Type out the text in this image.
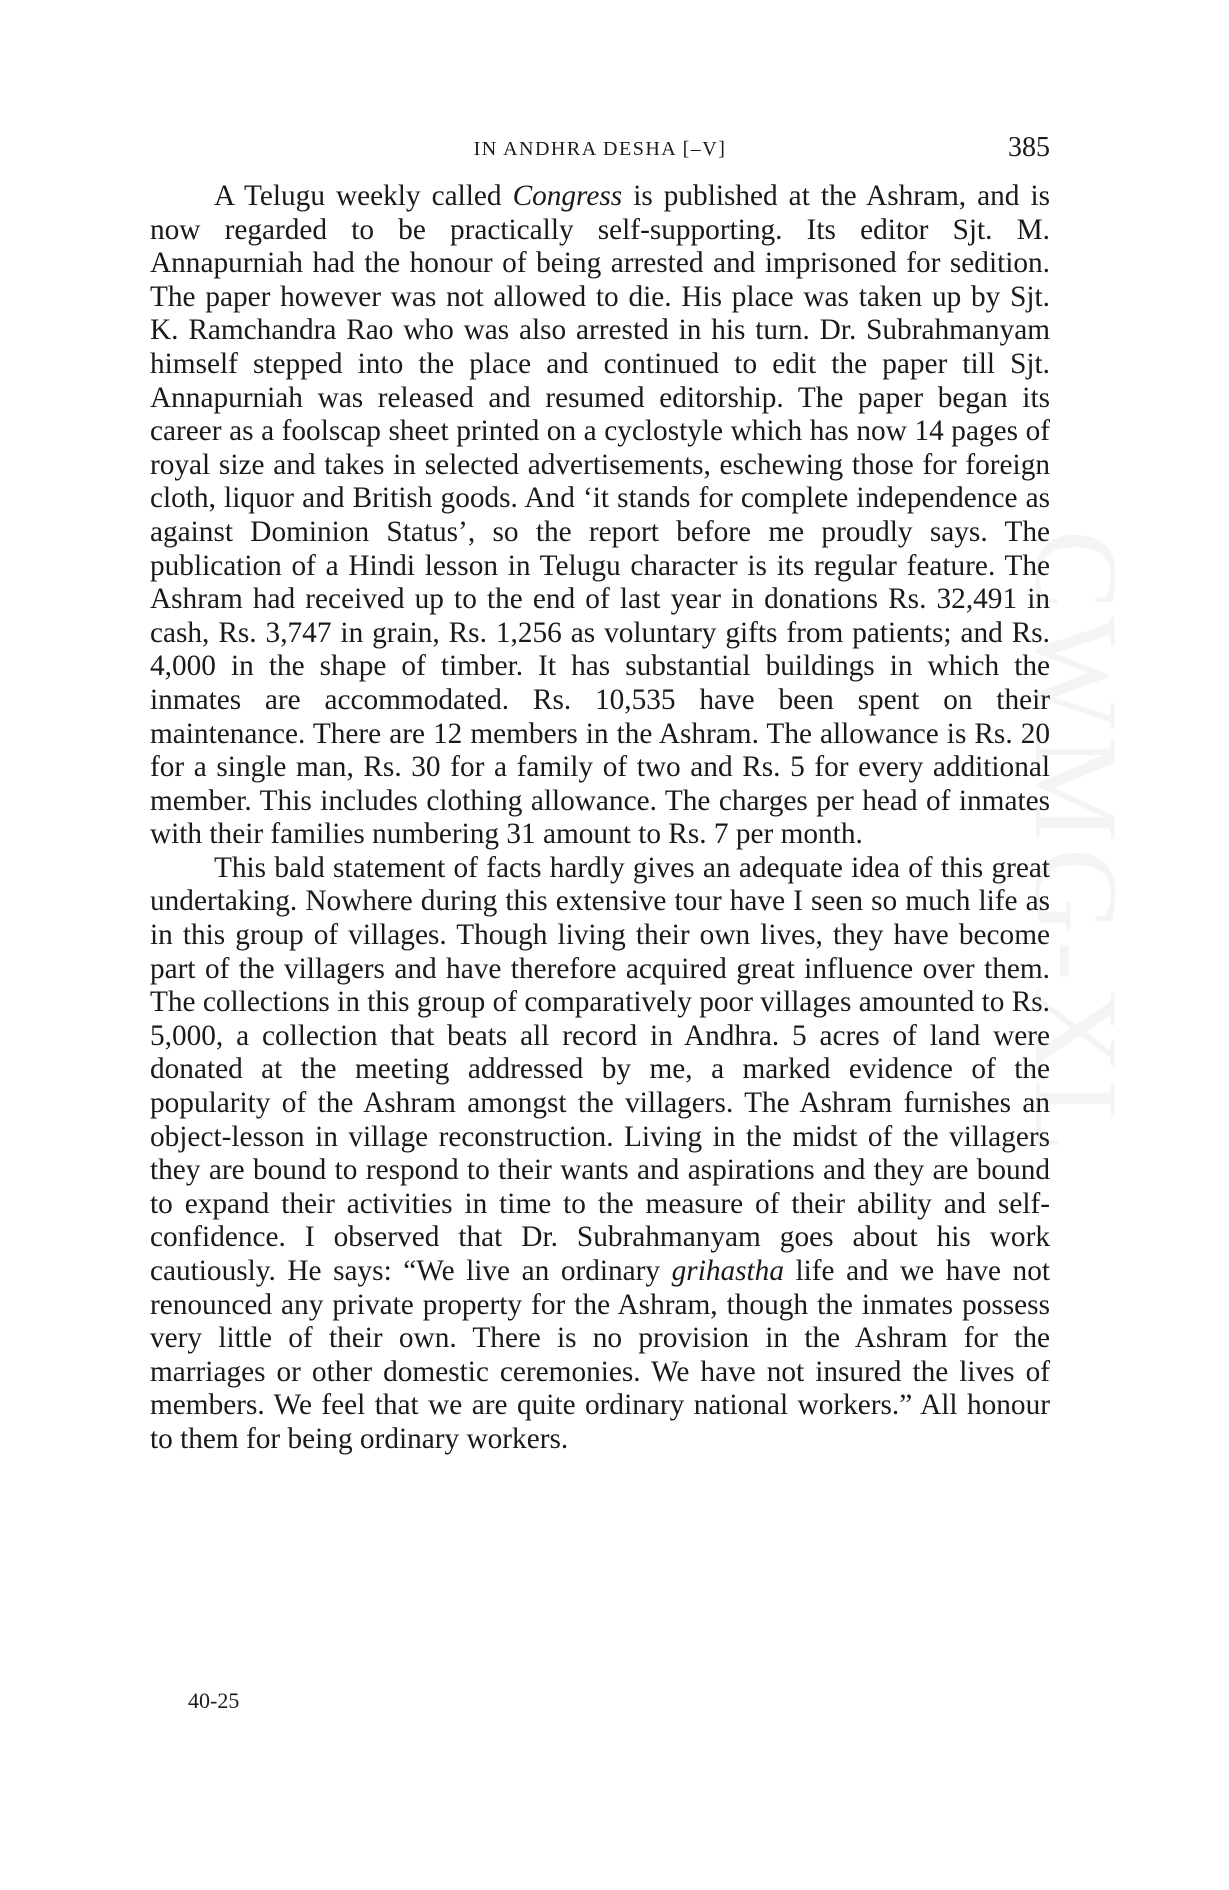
IN ANDHRA DESHA [–V]	385

A Telugu weekly called Congress is published at the Ashram, and is now regarded to be practically self-supporting. Its editor Sjt. M. Annapurniah had the honour of being arrested and imprisoned for sedition. The paper however was not allowed to die. His place was taken up by Sjt. K. Ramchandra Rao who was also arrested in his turn. Dr. Subrahmanyam himself stepped into the place and continued to edit the paper till Sjt. Annapurniah was released and resumed editorship. The paper began its career as a foolscap sheet printed on a cyclostyle which has now 14 pages of royal size and takes in selected advertisements, eschewing those for foreign cloth, liquor and British goods. And ‘it stands for complete independence as against Dominion Status’, so the report before me proudly says. The publication of a Hindi lesson in Telugu character is its regular feature. The Ashram had received up to the end of last year in donations Rs. 32,491 in cash, Rs. 3,747 in grain, Rs. 1,256 as voluntary gifts from patients; and Rs. 4,000 in the shape of timber. It has substantial buildings in which the inmates are accommodated. Rs. 10,535 have been spent on their maintenance. There are 12 members in the Ashram. The allowance is Rs. 20 for a single man, Rs. 30 for a family of two and Rs. 5 for every additional member. This includes clothing allowance. The charges per head of inmates with their families numbering 31 amount to Rs. 7 per month.

This bald statement of facts hardly gives an adequate idea of this great undertaking. Nowhere during this extensive tour have I seen so much life as in this group of villages. Though living their own lives, they have become part of the villagers and have therefore acquired great influence over them. The collections in this group of comparatively poor villages amounted to Rs. 5,000, a collection that beats all record in Andhra. 5 acres of land were donated at the meeting addressed by me, a marked evidence of the popularity of the Ashram amongst the villagers. The Ashram furnishes an object-lesson in village reconstruction. Living in the midst of the villagers they are bound to respond to their wants and aspirations and they are bound to expand their activities in time to the measure of their ability and self-confidence. I observed that Dr. Subrahmanyam goes about his work cautiously. He says: “We live an ordinary grihastha life and we have not renounced any private property for the Ashram, though the inmates possess very little of their own. There is no provision in the Ashram for the marriages or other domestic ceremonies. We have not insured the lives of members. We feel that we are quite ordinary national workers.” All honour to them for being ordinary workers.

40-25
